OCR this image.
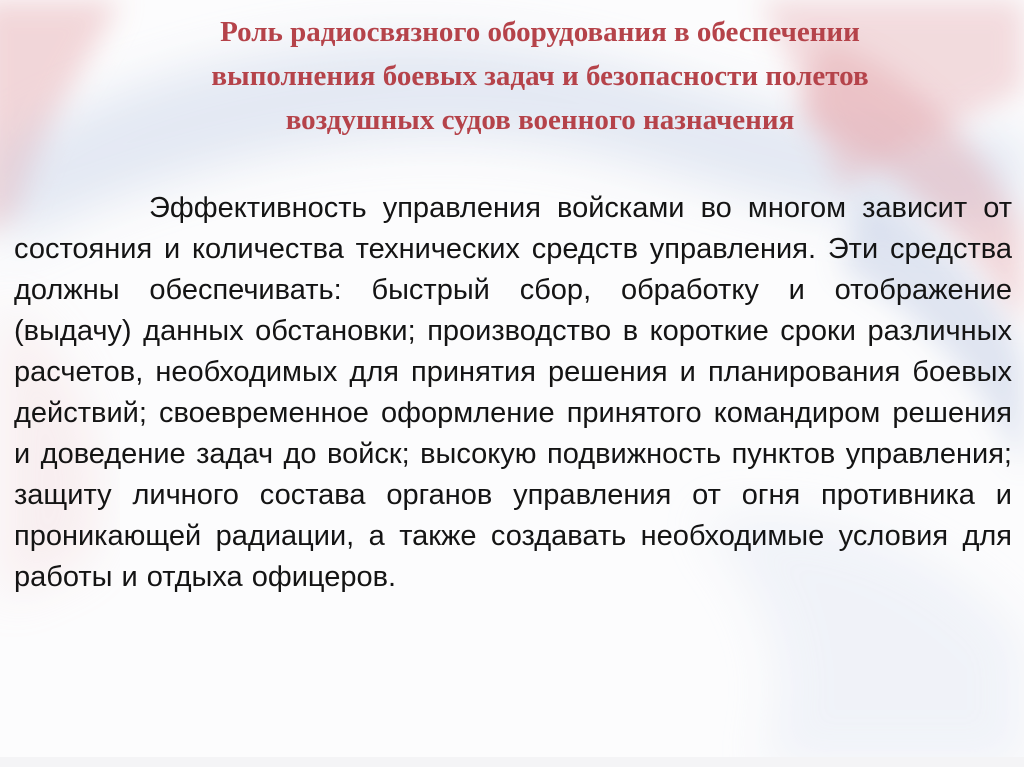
Роль радиосвязного оборудования в обеспечении
выполнения боевых задач и безопасности полетов
воздушных судов военного назначения

Эффективность управления войсками во многом зависит от состояния и количества технических средств управления. Эти средства должны обеспечивать: быстрый сбор, обработку и отображение (выдачу) данных обстановки; производство в короткие сроки различных расчетов, необходимых для принятия решения и планирования боевых действий; своевременное оформление принятого командиром решения и доведение задач до войск; высокую подвижность пунктов управления; защиту личного состава органов управления от огня противника и проникающей радиации, а также создавать необходимые условия для работы и отдыха офицеров.
